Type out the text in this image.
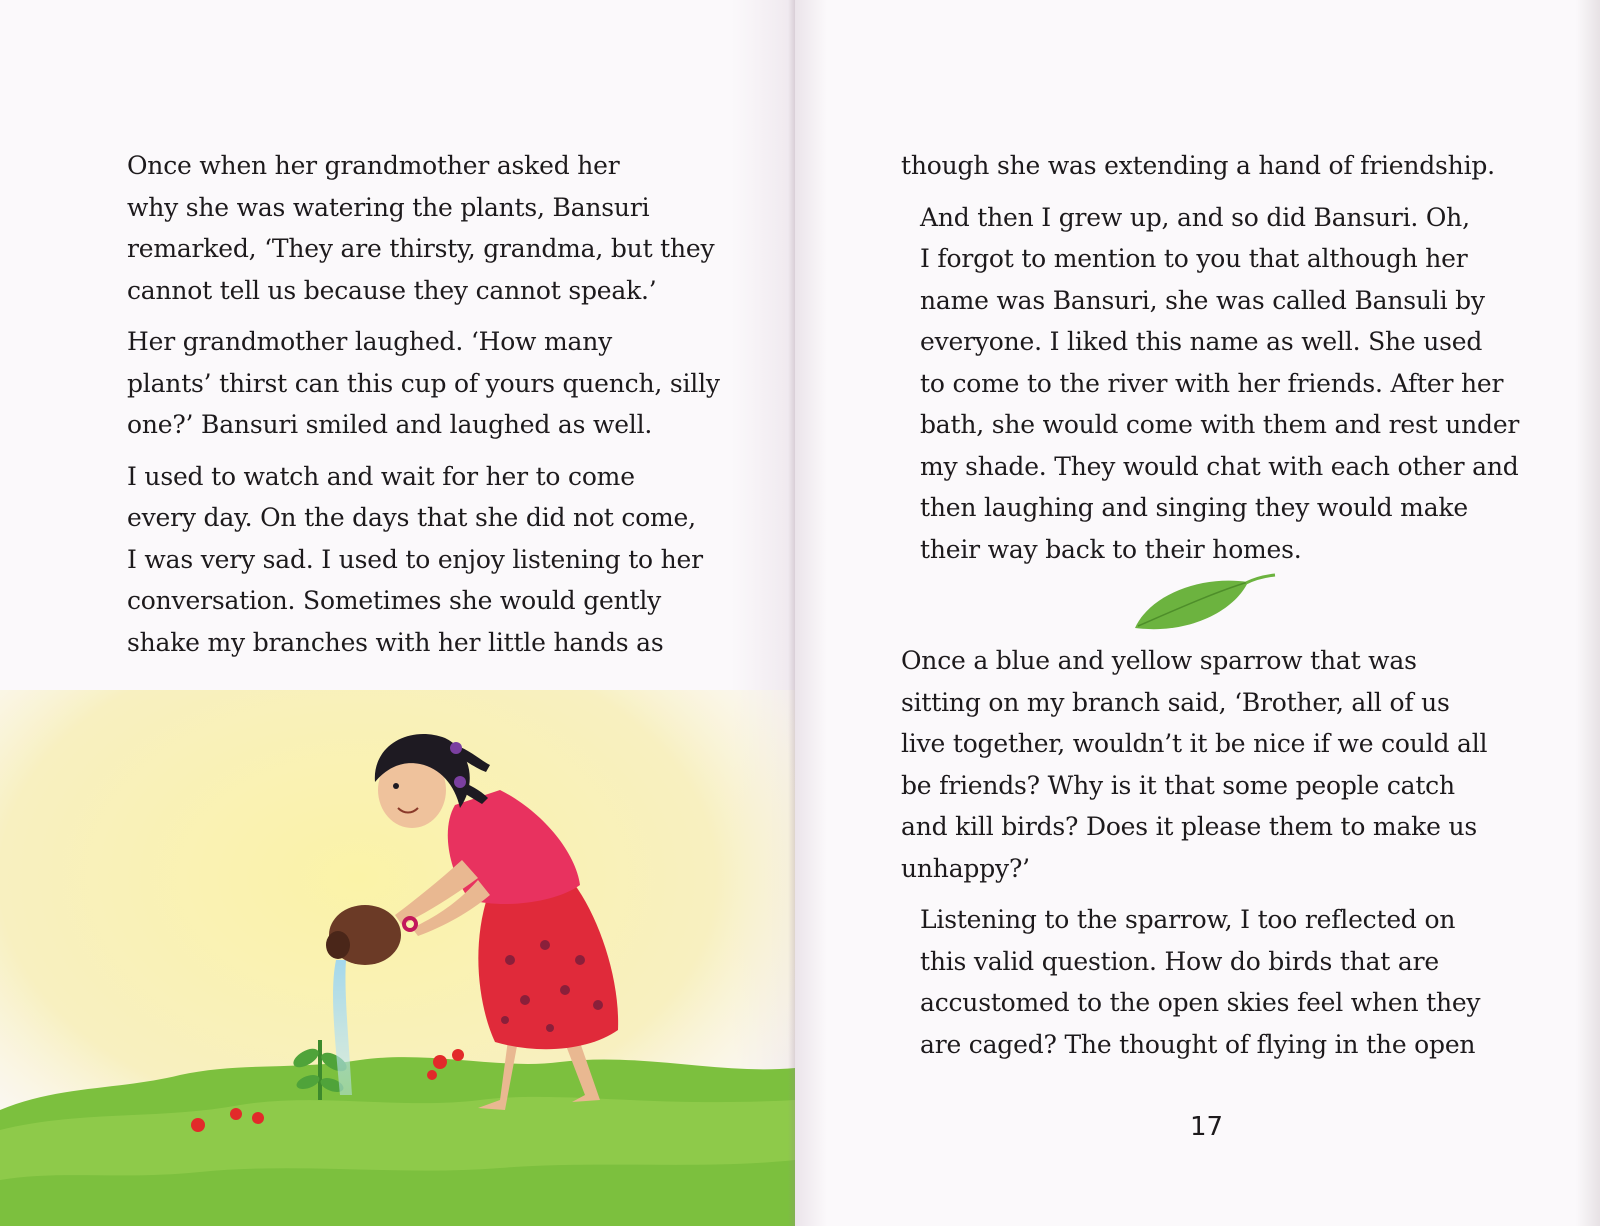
Once when her grandmother asked her
why she was watering the plants, Bansuri
remarked, ‘They are thirsty, grandma, but they
cannot tell us because they cannot speak.’

Her grandmother laughed. ‘How many
plants’ thirst can this cup of yours quench, silly
one?’ Bansuri smiled and laughed as well.

I used to watch and wait for her to come
every day. On the days that she did not come,
I was very sad. I used to enjoy listening to her
conversation. Sometimes she would gently
shake my branches with her little hands as

though she was extending a hand of friendship.

And then I grew up, and so did Bansuri. Oh,
I forgot to mention to you that although her
name was Bansuri, she was called Bansuli by
everyone. I liked this name as well. She used
to come to the river with her friends. After her
bath, she would come with them and rest under
my shade. They would chat with each other and
then laughing and singing they would make
their way back to their homes.

Once a blue and yellow sparrow that was
sitting on my branch said, ‘Brother, all of us
live together, wouldn’t it be nice if we could all
be friends? Why is it that some people catch
and kill birds? Does it please them to make us
unhappy?’

Listening to the sparrow, I too reflected on
this valid question. How do birds that are
accustomed to the open skies feel when they
are caged? The thought of flying in the open

17
